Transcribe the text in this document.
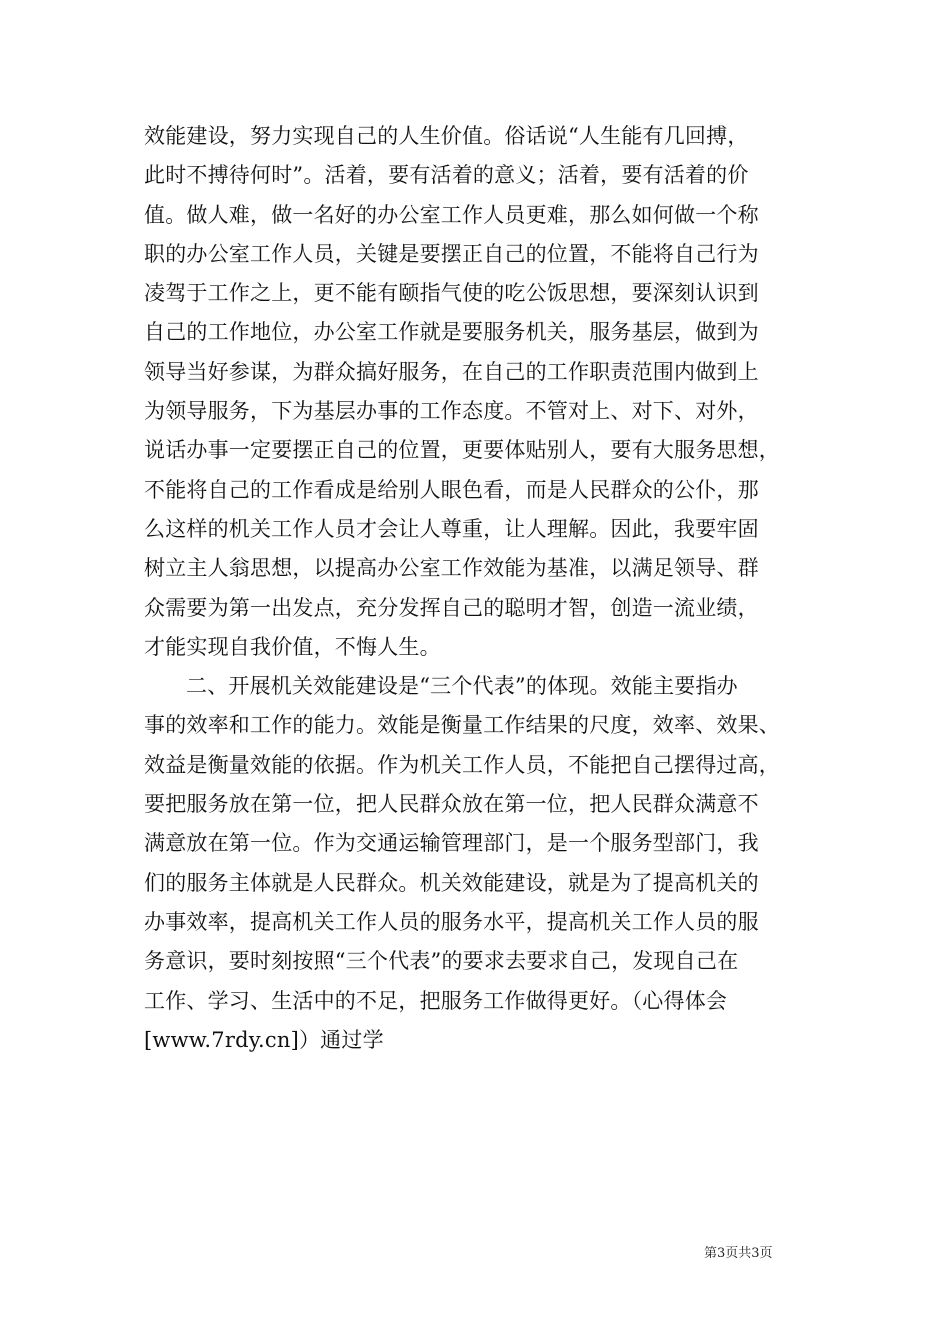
效能建设，努力实现自己的人生价值。俗话说“人生能有几回搏，
此时不搏待何时”。活着，要有活着的意义；活着，要有活着的价
值。做人难，做一名好的办公室工作人员更难，那么如何做一个称
职的办公室工作人员，关键是要摆正自己的位置，不能将自己行为
凌驾于工作之上，更不能有颐指气使的吃公饭思想，要深刻认识到
自己的工作地位，办公室工作就是要服务机关，服务基层，做到为
领导当好参谋，为群众搞好服务，在自己的工作职责范围内做到上
为领导服务，下为基层办事的工作态度。不管对上、对下、对外，
说话办事一定要摆正自己的位置，更要体贴别人，要有大服务思想，
不能将自己的工作看成是给别人眼色看，而是人民群众的公仆，那
么这样的机关工作人员才会让人尊重，让人理解。因此，我要牢固
树立主人翁思想，以提高办公室工作效能为基准，以满足领导、群
众需要为第一出发点，充分发挥自己的聪明才智，创造一流业绩，
才能实现自我价值，不悔人生。
二、开展机关效能建设是“三个代表”的体现。效能主要指办
事的效率和工作的能力。效能是衡量工作结果的尺度，效率、效果、
效益是衡量效能的依据。作为机关工作人员，不能把自己摆得过高，
要把服务放在第一位，把人民群众放在第一位，把人民群众满意不
满意放在第一位。作为交通运输管理部门，是一个服务型部门，我
们的服务主体就是人民群众。机关效能建设，就是为了提高机关的
办事效率，提高机关工作人员的服务水平，提高机关工作人员的服
务意识，要时刻按照“三个代表”的要求去要求自己，发现自己在
工作、学习、生活中的不足，把服务工作做得更好。（心得体会
[www.7rdy.cn]）通过学
第3页共3页
